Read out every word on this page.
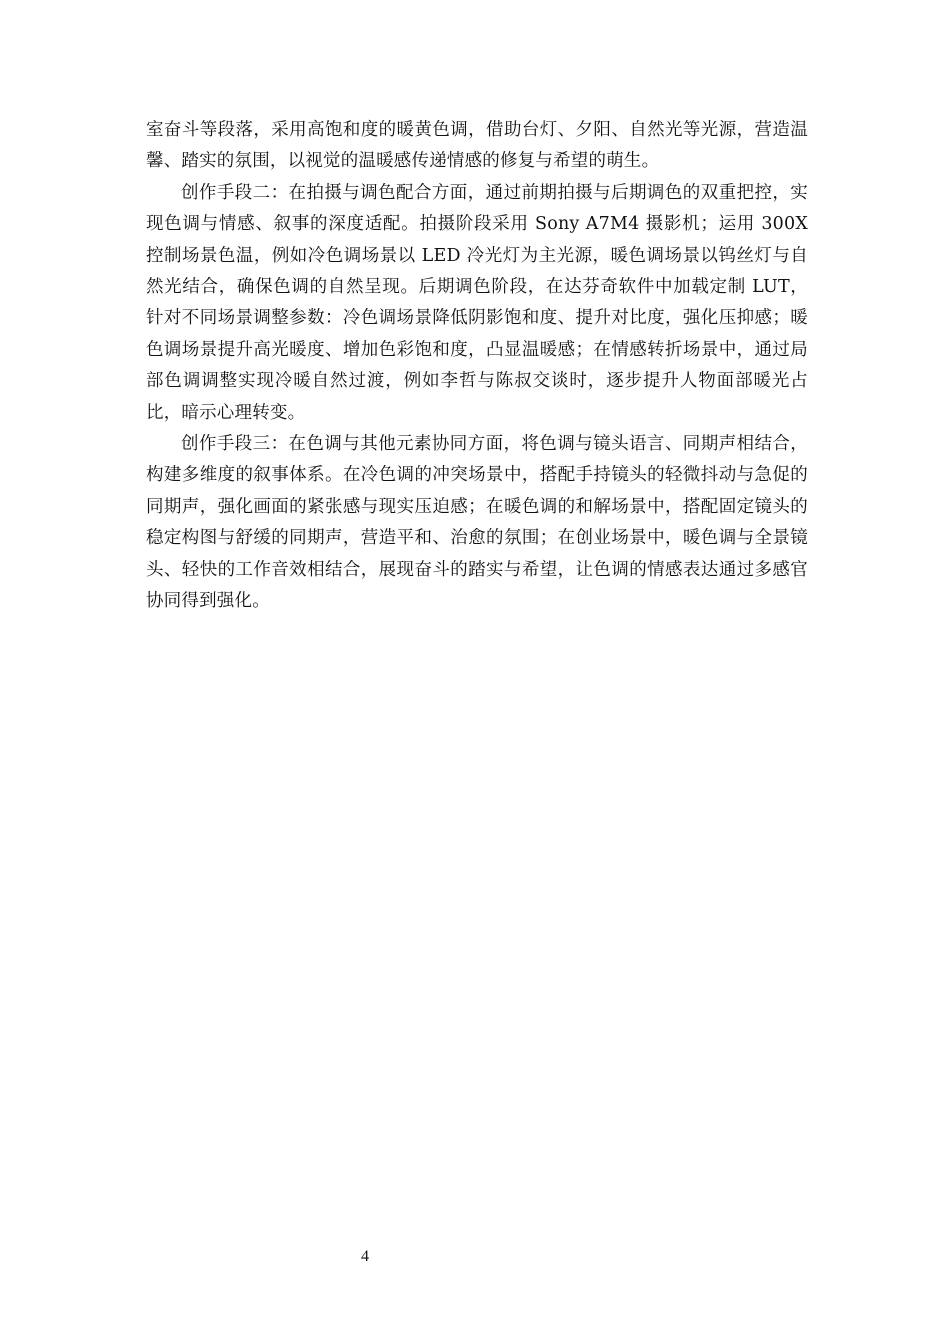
室奋斗等段落，采用高饱和度的暖黄色调，借助台灯、夕阳、自然光等光源，营造温馨、踏实的氛围，以视觉的温暖感传递情感的修复与希望的萌生。

创作手段二：在拍摄与调色配合方面，通过前期拍摄与后期调色的双重把控，实现色调与情感、叙事的深度适配。拍摄阶段采用 Sony A7M4 摄影机；运用 300X 控制场景色温，例如冷色调场景以 LED 冷光灯为主光源，暖色调场景以钨丝灯与自然光结合，确保色调的自然呈现。后期调色阶段，在达芬奇软件中加载定制 LUT，针对不同场景调整参数：冷色调场景降低阴影饱和度、提升对比度，强化压抑感；暖色调场景提升高光暖度、增加色彩饱和度，凸显温暖感；在情感转折场景中，通过局部色调调整实现冷暖自然过渡，例如李哲与陈叔交谈时，逐步提升人物面部暖光占比，暗示心理转变。

创作手段三：在色调与其他元素协同方面，将色调与镜头语言、同期声相结合，构建多维度的叙事体系。在冷色调的冲突场景中，搭配手持镜头的轻微抖动与急促的同期声，强化画面的紧张感与现实压迫感；在暖色调的和解场景中，搭配固定镜头的稳定构图与舒缓的同期声，营造平和、治愈的氛围；在创业场景中，暖色调与全景镜头、轻快的工作音效相结合，展现奋斗的踏实与希望，让色调的情感表达通过多感官协同得到强化。

4
